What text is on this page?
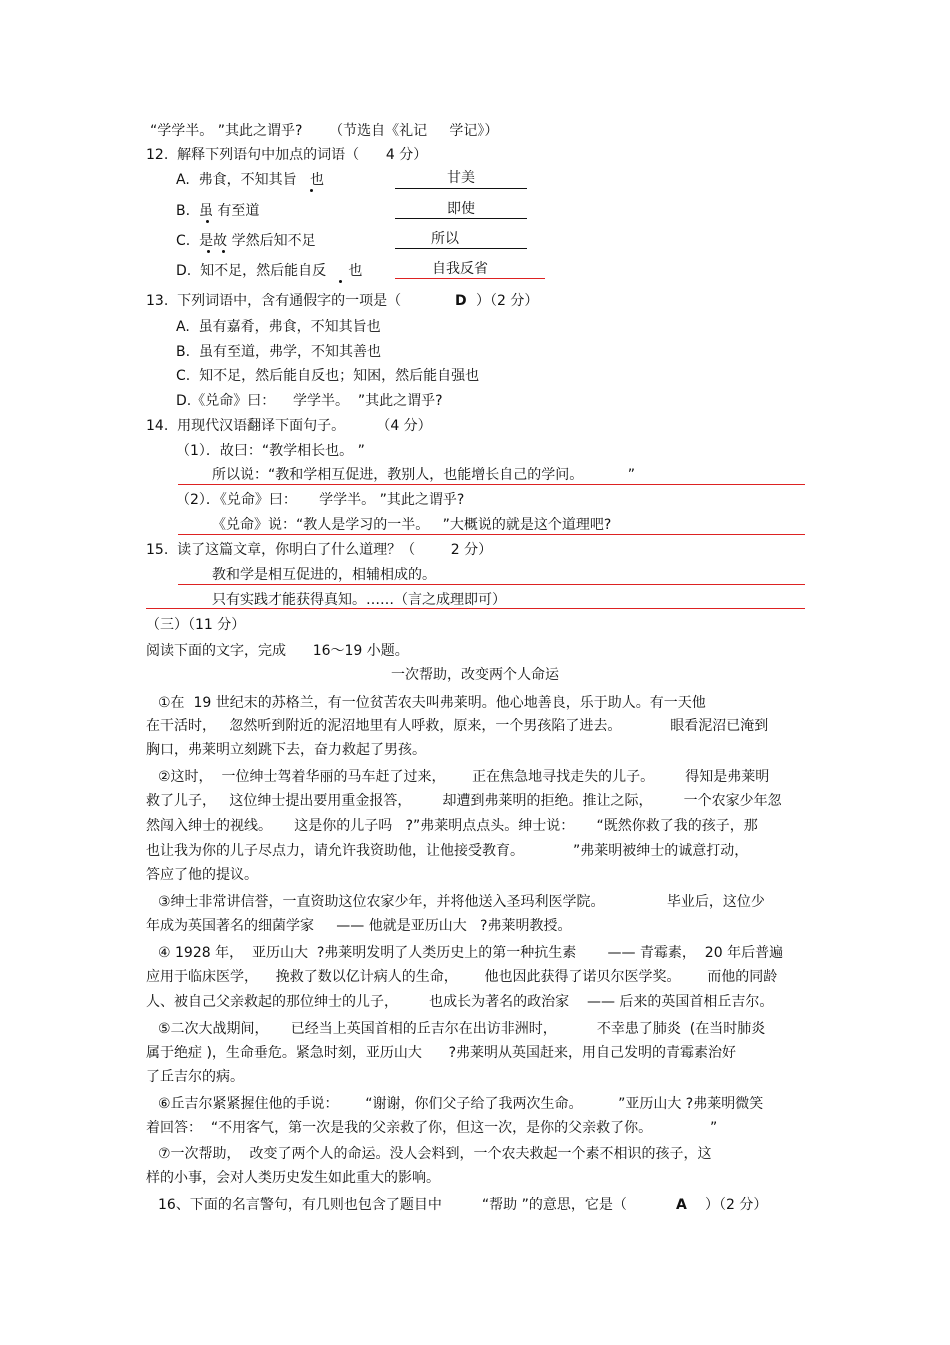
“学学半。 ”其此之谓乎?      （节选自《礼记     学记》）
12.  解释下列语句中加点的词语（      4 分）
A.  弗食，不知其旨   也	甘美
B.  虽 有至道	即使
C.  是故 学然后知不足	所以
D.  知不足，然后能自反     也	自我反省
13.  下列词语中，含有通假字的一项是（	D ）（2 分）
A.  虽有嘉肴，弗食，不知其旨也
B.  虽有至道，弗学，不知其善也
C.  知不足，然后能自反也；知困，然后能自强也
D.《兑命》曰：    学学半。  ”其此之谓乎?
14.  用现代汉语翻译下面句子。       （4 分）
（1）．故曰：“教学相长也。 ”
所以说：“教和学相互促进，教别人，也能增长自己的学问。          ”
（2）．《兑命》曰：     学学半。 ”其此之谓乎?
《兑命》说：“教人是学习的一半。   ”大概说的就是这个道理吧?
15.  读了这篇文章，你明白了什么道理？（        2 分）
教和学是相互促进的，相辅相成的。
只有实践才能获得真知。……（言之成理即可）
（三）（11 分）
阅读下面的文字，完成      16～19 小题。
一次帮助，改变两个人命运
①在  19 世纪末的苏格兰，有一位贫苦农夫叫弗莱明。他心地善良，乐于助人。有一天他
在干活时，   忽然听到附近的泥沼地里有人呼救，原来，一个男孩陷了进去。           眼看泥沼已淹到
胸口，弗莱明立刻跳下去，奋力救起了男孩。
②这时，  一位绅士驾着华丽的马车赶了过来，      正在焦急地寻找走失的儿子。       得知是弗莱明
救了儿子，   这位绅士提出要用重金报答，       却遭到弗莱明的拒绝。推让之际，       一个农家少年忽
然闯入绅士的视线。     这是你的儿子吗   ?”弗莱明点点头。绅士说：     “既然你救了我的孩子，那
也让我为你的儿子尽点力，请允许我资助他，让他接受教育。           ”弗莱明被绅士的诚意打动，
答应了他的提议。
③绅士非常讲信誉，一直资助这位农家少年，并将他送入圣玛利医学院。              毕业后，这位少
年成为英国著名的细菌学家     —— 他就是亚历山大   ?弗莱明教授。
④ 1928 年，  亚历山大  ?弗莱明发明了人类历史上的第一种抗生素       —— 青霉素，  20 年后普遍
应用于临床医学，    挽救了数以亿计病人的生命，      他也因此获得了诺贝尔医学奖。      而他的同龄
人、被自己父亲救起的那位绅士的儿子，       也成长为著名的政治家    —— 后来的英国首相丘吉尔。
⑤二次大战期间，     已经当上英国首相的丘吉尔在出访非洲时，         不幸患了肺炎  (在当时肺炎
属于绝症 )，生命垂危。紧急时刻，亚历山大      ?弗莱明从英国赶来，用自己发明的青霉素治好
了丘吉尔的病。
⑥丘吉尔紧紧握住他的手说：      “谢谢，你们父子给了我两次生命。        ”亚历山大 ?弗莱明微笑
着回答：  “不用客气，第一次是我的父亲救了你，但这一次，是你的父亲救了你。             ”
⑦一次帮助，  改变了两个人的命运。没人会料到，一个农夫救起一个素不相识的孩子，这
样的小事，会对人类历史发生如此重大的影响。
16、下面的名言警句，有几则也包含了题目中         “帮助 ”的意思，它是（	A ）（2 分）
